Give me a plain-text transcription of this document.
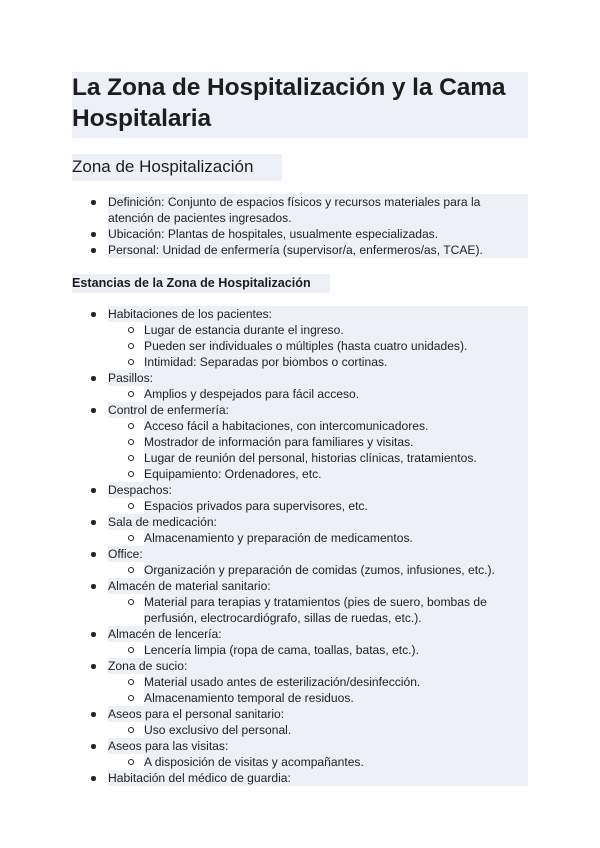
La Zona de Hospitalización y la Cama Hospitalaria
Zona de Hospitalización
Definición: Conjunto de espacios físicos y recursos materiales para la atención de pacientes ingresados.
Ubicación: Plantas de hospitales, usualmente especializadas.
Personal: Unidad de enfermería (supervisor/a, enfermeros/as, TCAE).
Estancias de la Zona de Hospitalización
Habitaciones de los pacientes:
Lugar de estancia durante el ingreso.
Pueden ser individuales o múltiples (hasta cuatro unidades).
Intimidad: Separadas por biombos o cortinas.
Pasillos:
Amplios y despejados para fácil acceso.
Control de enfermería:
Acceso fácil a habitaciones, con intercomunicadores.
Mostrador de información para familiares y visitas.
Lugar de reunión del personal, historias clínicas, tratamientos.
Equipamiento: Ordenadores, etc.
Despachos:
Espacios privados para supervisores, etc.
Sala de medicación:
Almacenamiento y preparación de medicamentos.
Office:
Organización y preparación de comidas (zumos, infusiones, etc.).
Almacén de material sanitario:
Material para terapias y tratamientos (pies de suero, bombas de perfusión, electrocardiógrafo, sillas de ruedas, etc.).
Almacén de lencería:
Lencería limpia (ropa de cama, toallas, batas, etc.).
Zona de sucio:
Material usado antes de esterilización/desinfección.
Almacenamiento temporal de residuos.
Aseos para el personal sanitario:
Uso exclusivo del personal.
Aseos para las visitas:
A disposición de visitas y acompañantes.
Habitación del médico de guardia:
